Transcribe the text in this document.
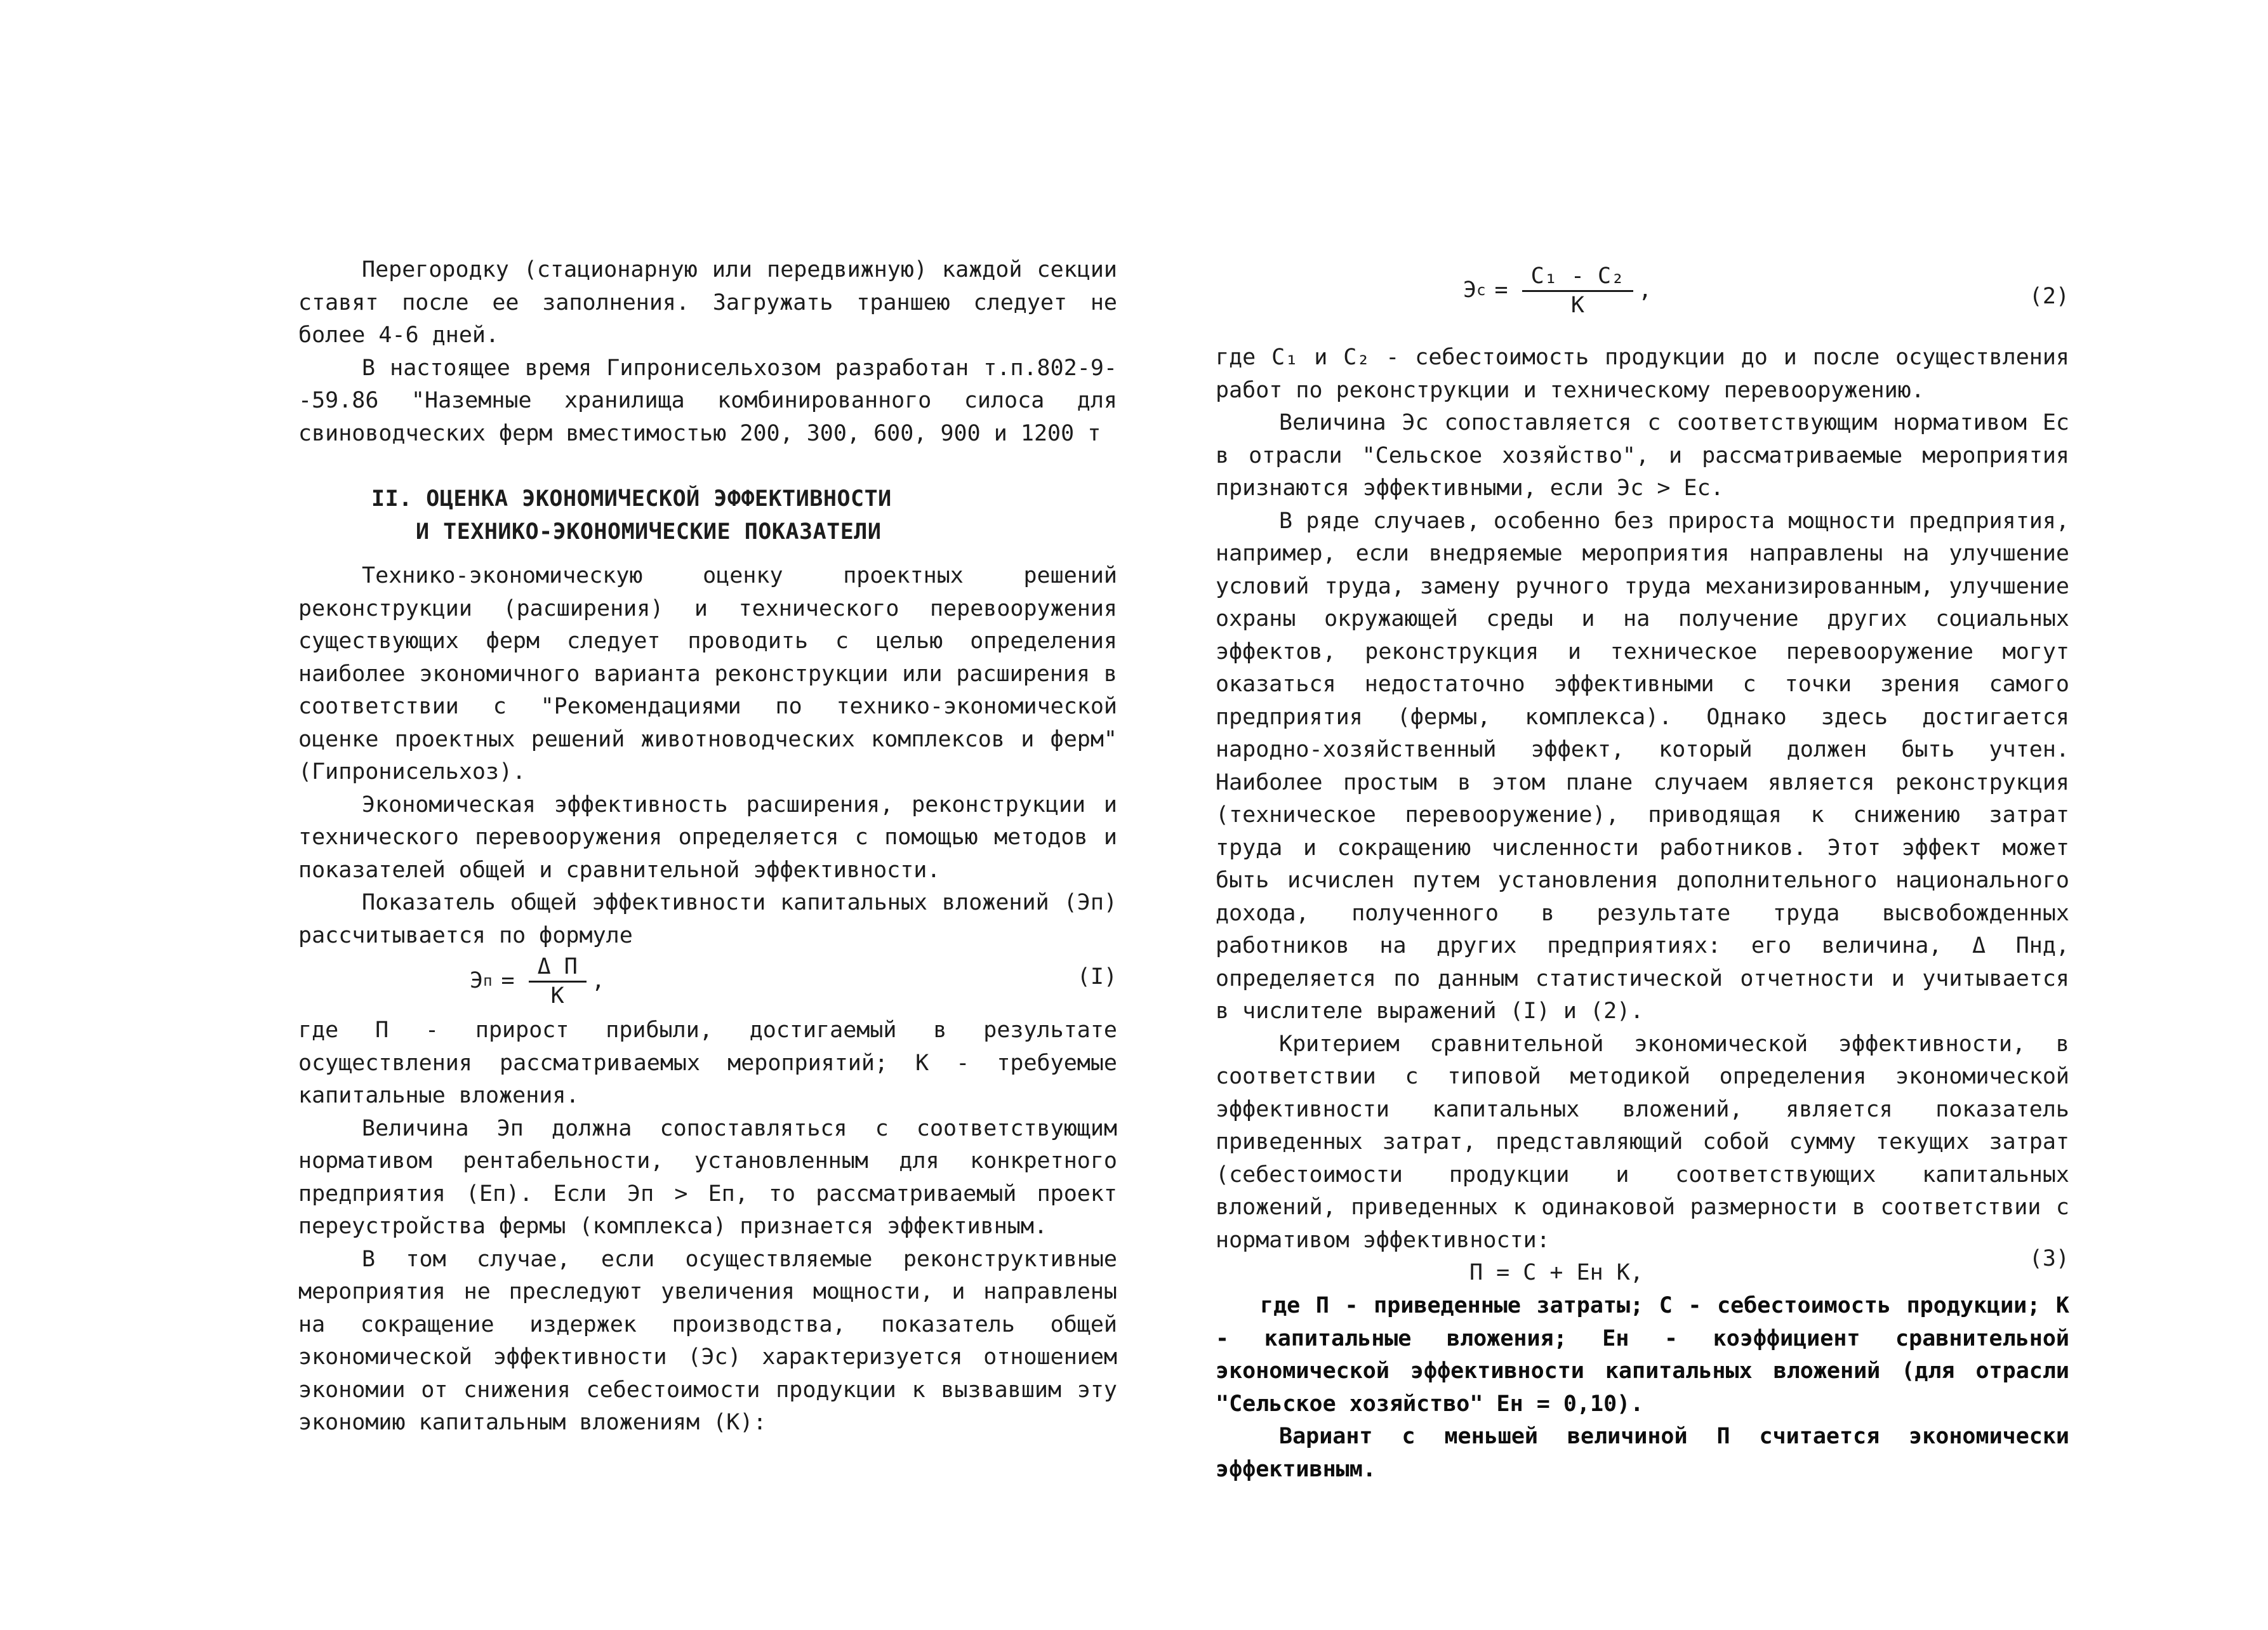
Перегородку (стационарную или передвижную) каждой секции ставят после ее заполнения. Загружать траншею следует не более 4-6 дней.

В настоящее время Гипронисельхозом разработан т.п.802-9--59.86 "Наземные хранилища комбинированного силоса для свиноводческих ферм вместимостью 200, 300, 600, 900 и 1200 т

II. ОЦЕНКА ЭКОНОМИЧЕСКОЙ ЭФФЕКТИВНОСТИ
И ТЕХНИКО-ЭКОНОМИЧЕСКИЕ ПОКАЗАТЕЛИ

Технико-экономическую оценку проектных решений реконструкции (расширения) и технического перевооружения существующих ферм следует проводить с целью определения наиболее экономичного варианта реконструкции или расширения в соответствии с "Рекомендациями по технико-экономической оценке проектных решений животноводческих комплексов и ферм" (Гипронисельхоз).

Экономическая эффективность расширения, реконструкции и технического перевооружения определяется с помощью методов и показателей общей и сравнительной эффективности.

Показатель общей эффективности капитальных вложений (Эп) рассчитывается по формуле

Э $п = \frac{\text{Δ П}}{К}$ ,	(I)

где П - прирост прибыли, достигаемый в результате осуществления рассматриваемых мероприятий; К - требуемые капитальные вложения.

Величина Эп должна сопоставляться с соответствующим нормативом рентабельности, установленным для конкретного предприятия (Еп). Если Эп > Еп, то рассматриваемый проект переустройства фермы (комплекса) признается эффективным.

В том случае, если осуществляемые реконструктивные мероприятия не преследуют увеличения мощности, и направлены на сокращение издержек производства, показатель общей экономической эффективности (Эс) характеризуется отношением экономии от снижения себестоимости продукции к вызвавшим эту экономию капитальным вложениям (К):

Э $с = \frac{\text{С₁ - С₂}}{К}$ ,	(2)

где С₁ и С₂ - себестоимость продукции до и после осуществления работ по реконструкции и техническому перевооружению.

Величина Эс сопоставляется с соответствующим нормативом Ес в отрасли "Сельское хозяйство", и рассматриваемые мероприятия признаются эффективными, если Эс > Ес.

В ряде случаев, особенно без прироста мощности предприятия, например, если внедряемые мероприятия направлены на улучшение условий труда, замену ручного труда механизированным, улучшение охраны окружающей среды и на получение других социальных эффектов, реконструкция и техническое перевооружение могут оказаться недостаточно эффективными с точки зрения самого предприятия (фермы, комплекса). Однако здесь достигается народно-хозяйственный эффект, который должен быть учтен. Наиболее простым в этом плане случаем является реконструкция (техническое перевооружение), приводящая к снижению затрат труда и сокращению численности работников. Этот эффект может быть исчислен путем установления дополнительного национального дохода, полученного в результате труда высвобожденных работников на других предприятиях: его величина, Δ Пнд, определяется по данным статистической отчетности и учитывается в числителе выражений (I) и (2).

Критерием сравнительной экономической эффективности, в соответствии с типовой методикой определения экономической эффективности капитальных вложений, является показатель приведенных затрат, представляющий собой сумму текущих затрат (себестоимости продукции и соответствующих капитальных вложений, приведенных к одинаковой размерности в соответствии с нормативом эффективности:

П = С + Ен К,
(3)

где П - приведенные затраты; С - себестоимость продукции; К - капитальные вложения; Ен - коэффициент сравнительной экономической эффективности капитальных вложений (для отрасли "Сельское хозяйство" Ен = 0,10).

Вариант с меньшей величиной П считается экономически эффективным.
